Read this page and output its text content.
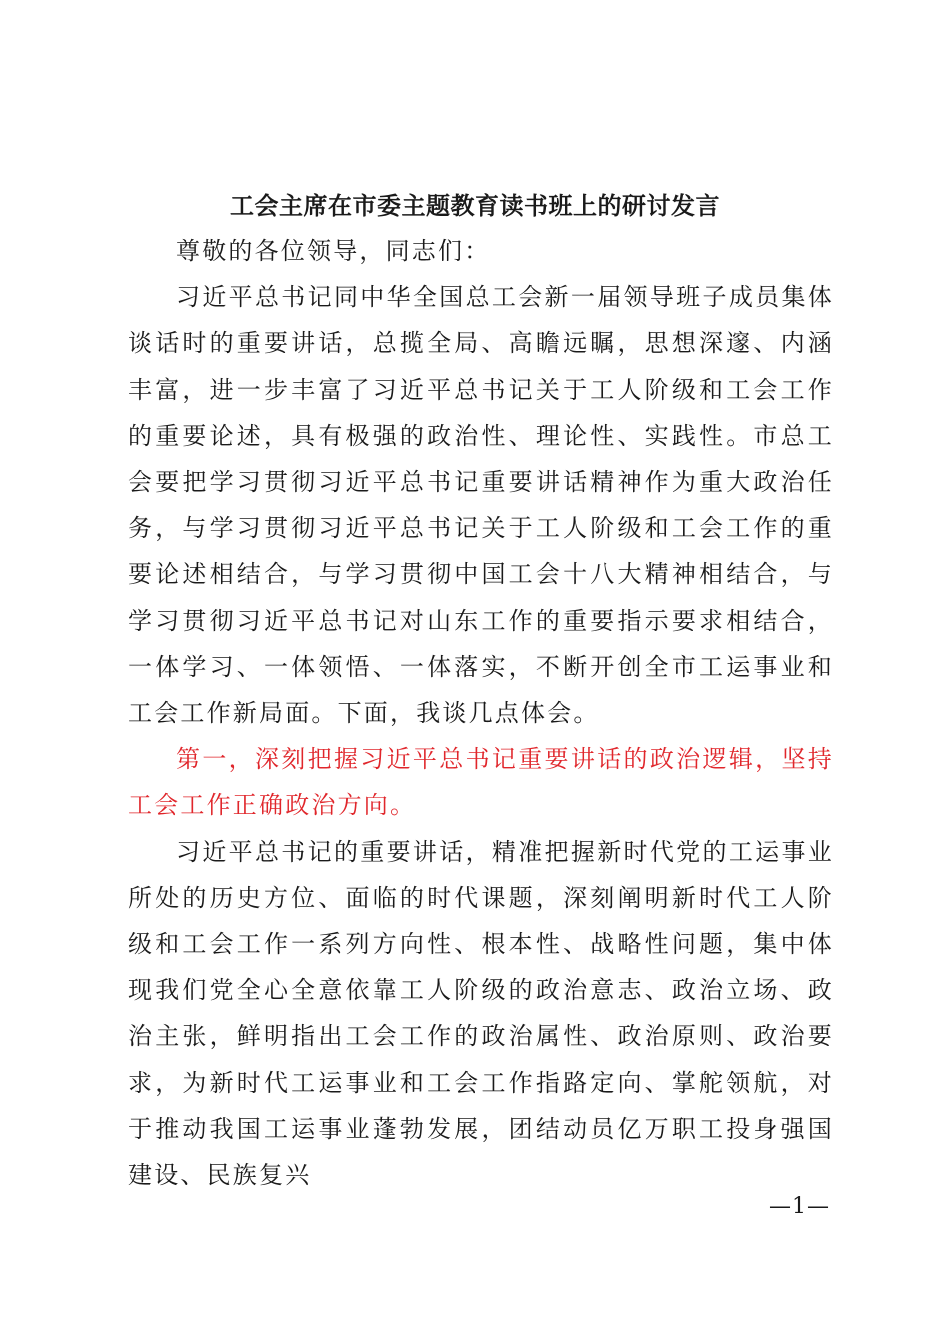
工会主席在市委主题教育读书班上的研讨发言

尊敬的各位领导，同志们：

习近平总书记同中华全国总工会新一届领导班子成员集体谈话时的重要讲话，总揽全局、高瞻远瞩，思想深邃、内涵丰富，进一步丰富了习近平总书记关于工人阶级和工会工作的重要论述，具有极强的政治性、理论性、实践性。市总工会要把学习贯彻习近平总书记重要讲话精神作为重大政治任务，与学习贯彻习近平总书记关于工人阶级和工会工作的重要论述相结合，与学习贯彻中国工会十八大精神相结合，与学习贯彻习近平总书记对山东工作的重要指示要求相结合，一体学习、一体领悟、一体落实，不断开创全市工运事业和工会工作新局面。下面，我谈几点体会。

第一，深刻把握习近平总书记重要讲话的政治逻辑，坚持工会工作正确政治方向。

习近平总书记的重要讲话，精准把握新时代党的工运事业所处的历史方位、面临的时代课题，深刻阐明新时代工人阶级和工会工作一系列方向性、根本性、战略性问题，集中体现我们党全心全意依靠工人阶级的政治意志、政治立场、政治主张，鲜明指出工会工作的政治属性、政治原则、政治要求，为新时代工运事业和工会工作指路定向、掌舵领航，对于推动我国工运事业蓬勃发展，团结动员亿万职工投身强国建设、民族复兴

—1—
